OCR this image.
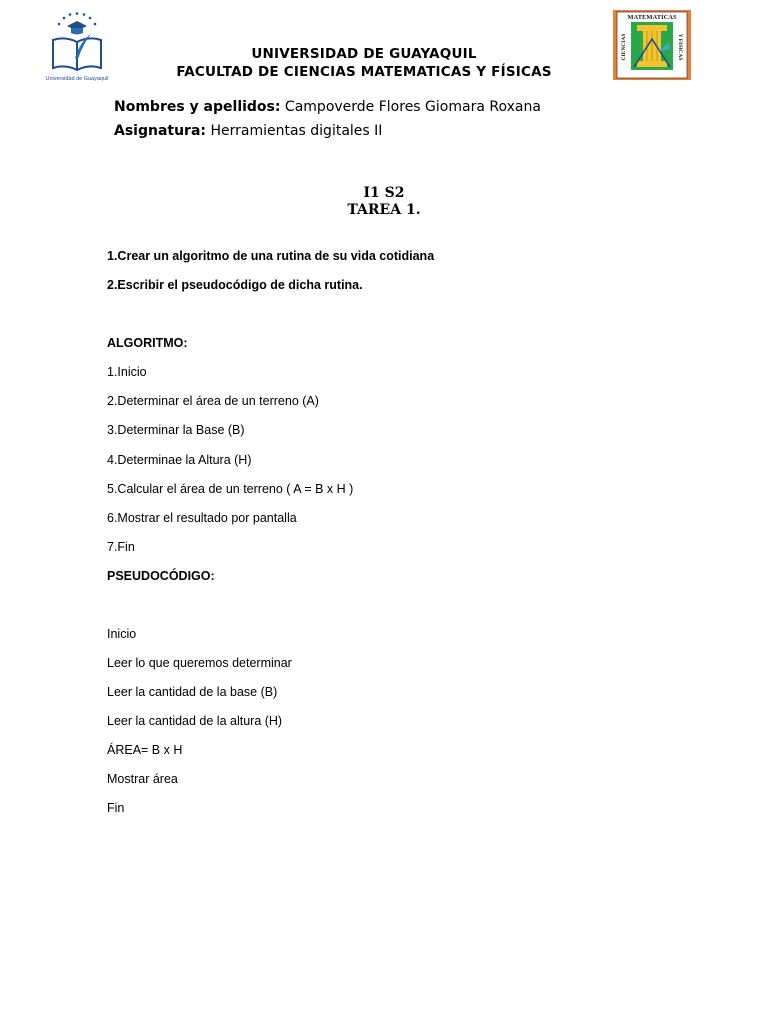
Universidad de Guayaquil
MATEMATICAS
CIENCIAS	Y FISICAS
UNIVERSIDAD DE GUAYAQUIL
FACULTAD DE CIENCIAS MATEMATICAS Y FÍSICAS
Nombres y apellidos: Campoverde Flores Giomara Roxana
Asignatura: Herramientas digitales II
I1 S2
TAREA 1.
1.Crear un algoritmo de una rutina de su vida cotidiana
2.Escribir el pseudocódigo de dicha rutina.
ALGORITMO:
1.Inicio
2.Determinar el área de un terreno (A)
3.Determinar la Base (B)
4.Determinae la Altura (H)
5.Calcular el área de un terreno ( A = B x H )
6.Mostrar el resultado por pantalla
7.Fin
PSEUDOCÓDIGO:
Inicio
Leer lo que queremos determinar
Leer la cantidad de la base (B)
Leer la cantidad de la altura (H)
ÁREA= B x H
Mostrar área
Fin
